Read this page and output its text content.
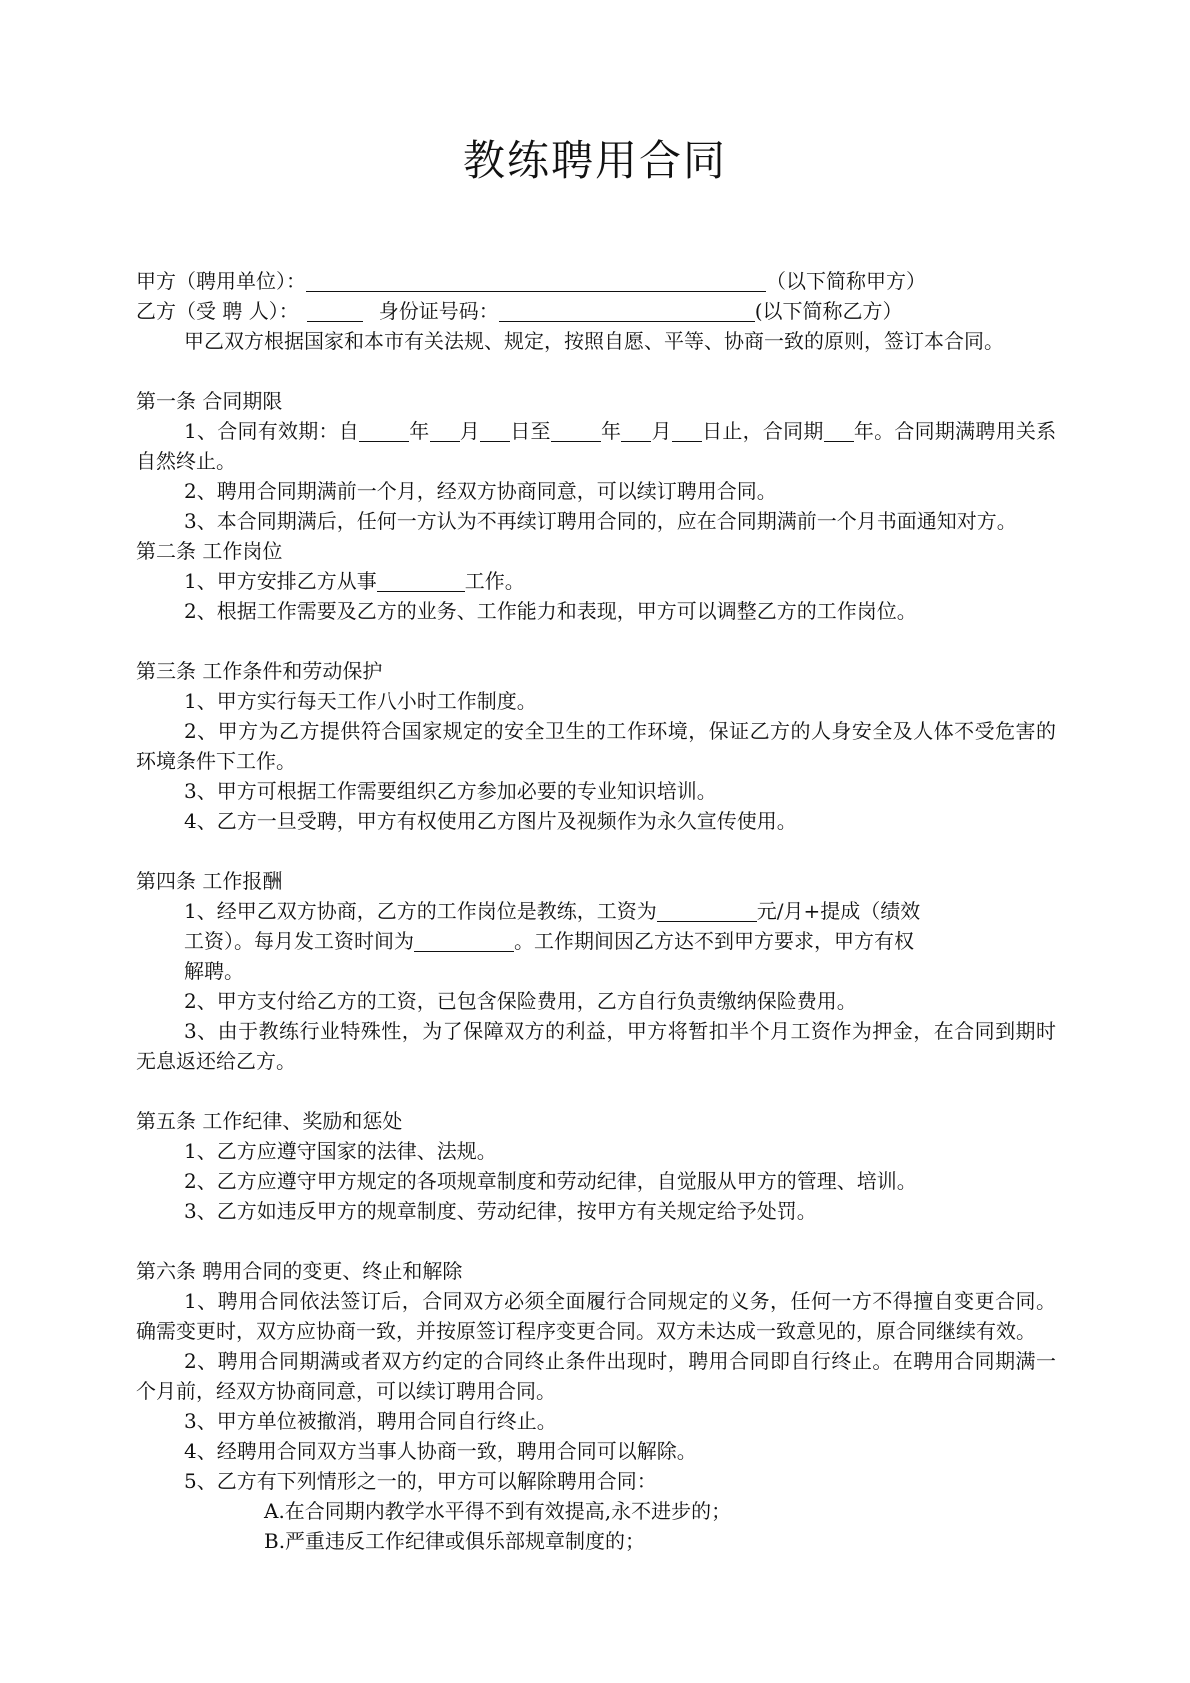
教练聘用合同
甲方（聘用单位）：	（以下简称甲方）
乙方（受 聘 人）：	身份证号码：	(以下简称乙方）
甲乙双方根据国家和本市有关法规、规定，按照自愿、平等、协商一致的原则，签订本合同。
第一条 合同期限
1、合同有效期：自	年 月 日至	年 月 日止，合同期 年。合同期满聘用关系自然终止。
2、聘用合同期满前一个月，经双方协商同意，可以续订聘用合同。
3、本合同期满后，任何一方认为不再续订聘用合同的，应在合同期满前一个月书面通知对方。
第二条 工作岗位
1、甲方安排乙方从事	工作。
2、根据工作需要及乙方的业务、工作能力和表现，甲方可以调整乙方的工作岗位。
第三条 工作条件和劳动保护
1、甲方实行每天工作八小时工作制度。
2、甲方为乙方提供符合国家规定的安全卫生的工作环境，保证乙方的人身安全及人体不受危害的环境条件下工作。
3、甲方可根据工作需要组织乙方参加必要的专业知识培训。
4、乙方一旦受聘，甲方有权使用乙方图片及视频作为永久宣传使用。
第四条 工作报酬
1、经甲乙双方协商，乙方的工作岗位是教练，工资为	元/月+提成（绩效
工资）。每月发工资时间为	。工作期间因乙方达不到甲方要求，甲方有权
解聘。
2、甲方支付给乙方的工资，已包含保险费用，乙方自行负责缴纳保险费用。
3、由于教练行业特殊性，为了保障双方的利益，甲方将暂扣半个月工资作为押金，在合同到期时无息返还给乙方。
第五条 工作纪律、奖励和惩处
1、乙方应遵守国家的法律、法规。
2、乙方应遵守甲方规定的各项规章制度和劳动纪律，自觉服从甲方的管理、培训。
3、乙方如违反甲方的规章制度、劳动纪律，按甲方有关规定给予处罚。
第六条 聘用合同的变更、终止和解除
1、聘用合同依法签订后，合同双方必须全面履行合同规定的义务，任何一方不得擅自变更合同。确需变更时，双方应协商一致，并按原签订程序变更合同。双方未达成一致意见的，原合同继续有效。
2、聘用合同期满或者双方约定的合同终止条件出现时，聘用合同即自行终止。在聘用合同期满一个月前，经双方协商同意，可以续订聘用合同。
3、甲方单位被撤消，聘用合同自行终止。
4、经聘用合同双方当事人协商一致，聘用合同可以解除。
5、乙方有下列情形之一的，甲方可以解除聘用合同：
A.在合同期内教学水平得不到有效提高,永不进步的；
B.严重违反工作纪律或俱乐部规章制度的；
